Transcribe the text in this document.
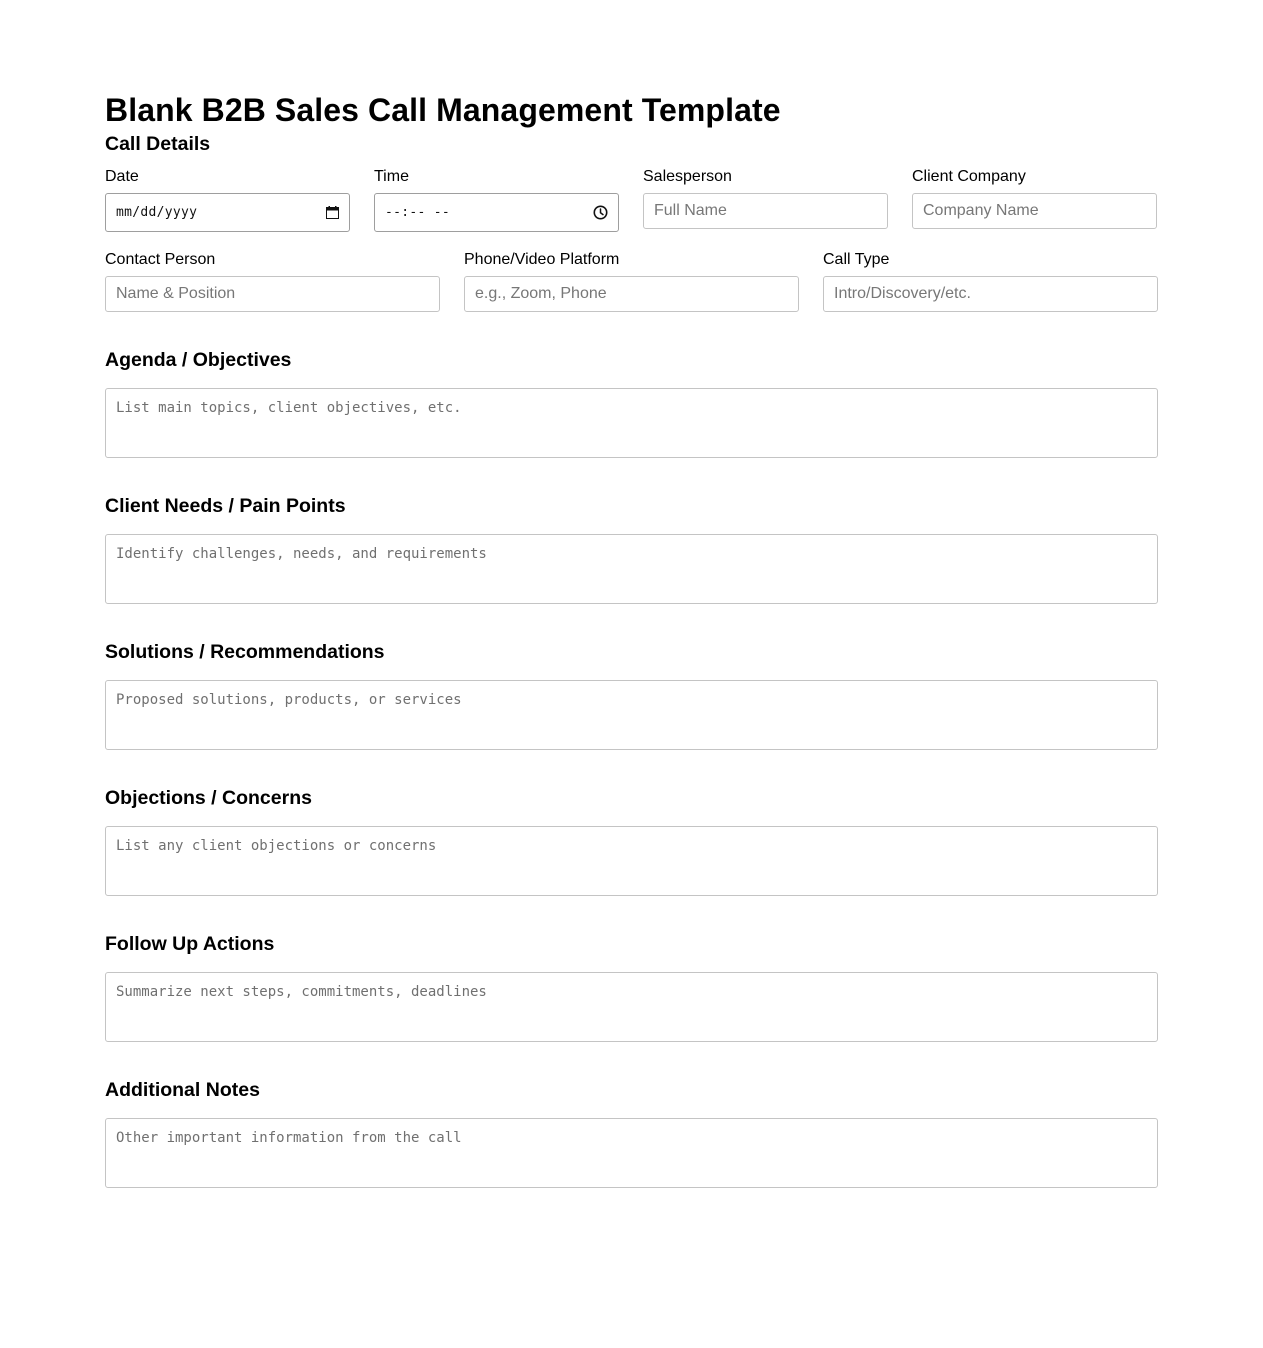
Blank B2B Sales Call Management Template
Call Details
Date
mm/dd/yyyy
Time
--:-- --
Salesperson
Full Name
Client Company
Company Name
Contact Person
Name & Position
Phone/Video Platform
e.g., Zoom, Phone
Call Type
Intro/Discovery/etc.
Agenda / Objectives
List main topics, client objectives, etc.
Client Needs / Pain Points
Identify challenges, needs, and requirements
Solutions / Recommendations
Proposed solutions, products, or services
Objections / Concerns
List any client objections or concerns
Follow Up Actions
Summarize next steps, commitments, deadlines
Additional Notes
Other important information from the call
